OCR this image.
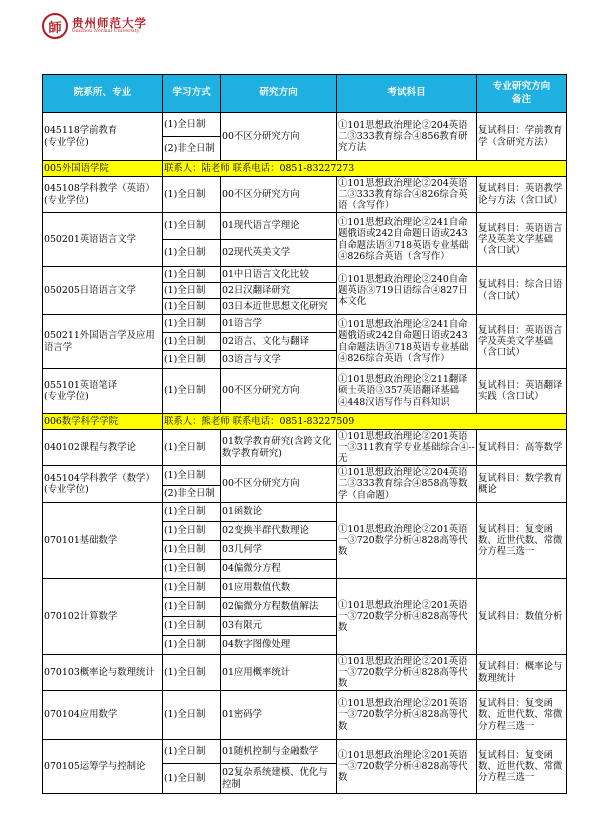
師 贵州师范大学
Guizhou Normal University
院系所、专业	学习方式	研究方向	考试科目	专业研究方向
备注
045118学前教育
(专业学位)	(1)全日制	00不区分研究方向	①101思想政治理论②204英语二③333教育综合④856教育研究方法	复试科目：学前教育学（含研究方法）
	(2)非全日制			
005外国语学院	联系人：陆老师 联系电话：0851-83227273			
045108学科教学（英语）(专业学位)	(1)全日制	00不区分研究方向	①101思想政治理论②204英语二③333教育综合④826综合英语（含写作）	复试科目：英语教学论与方法（含口试）
050201英语语言文学	(1)全日制	01现代语言学理论	①101思想政治理论②241自命题俄语或242自命题日语或243自命题法语③718英语专业基础④826综合英语（含写作）	复试科目：英语语言学及英美文学基础（含口试）
	(1)全日制	02现代英美文学		
050205日语语言文学	(1)全日制	01中日语言文化比较	①101思想政治理论②240自命题英语③719日语综合④827日本文化	复试科目：综合日语（含口试）
	(1)全日制	02日汉翻译研究		
	(1)全日制	03日本近世思想文化研究		
050211外国语言学及应用语言学	(1)全日制	01语言学	①101思想政治理论②241自命题俄语或242自命题日语或243自命题法语③718英语专业基础④826综合英语（含写作）	复试科目：英语语言学及英美文学基础（含口试）
	(1)全日制	02语言、文化与翻译		
	(1)全日制	03语言与文学		
055101英语笔译
(专业学位)	(1)全日制	00不区分研究方向	①101思想政治理论②211翻译硕士英语③357英语翻译基础④448汉语写作与百科知识	复试科目：英语翻译实践（含口试）
006数学科学学院	联系人：熊老师 联系电话：0851-83227509			
040102课程与教学论	(1)全日制	01数学教育研究(含跨文化数学教育研究)	①101思想政治理论②201英语一③311教育学专业基础综合④--无	复试科目：高等数学
045104学科教学（数学）(专业学位)	(1)全日制	00不区分研究方向	①101思想政治理论②204英语二③333教育综合④858高等数学（自命题）	复试科目：数学教育概论
	(2)非全日制			
070101基础数学	(1)全日制	01函数论	①101思想政治理论②201英语一③720数学分析④828高等代数	复试科目：复变函数、近世代数、常微分方程三选一
	(1)全日制	02变换半群代数理论		
	(1)全日制	03几何学		
	(1)全日制	04偏微分方程		
070102计算数学	(1)全日制	01应用数值代数	①101思想政治理论②201英语一③720数学分析④828高等代数	复试科目：数值分析
	(1)全日制	02偏微分方程数值解法		
	(1)全日制	03有限元		
	(1)全日制	04数字图像处理		
070103概率论与数理统计	(1)全日制	01应用概率统计	①101思想政治理论②201英语一③720数学分析④828高等代数	复试科目：概率论与数理统计
070104应用数学	(1)全日制	01密码学	①101思想政治理论②201英语一③720数学分析④828高等代数	复试科目：复变函数、近世代数、常微分方程三选一
070105运筹学与控制论	(1)全日制	01随机控制与金融数学	①101思想政治理论②201英语一③720数学分析④828高等代数	复试科目：复变函数、近世代数、常微分方程三选一
	(1)全日制	02复杂系统建模、优化与控制		
